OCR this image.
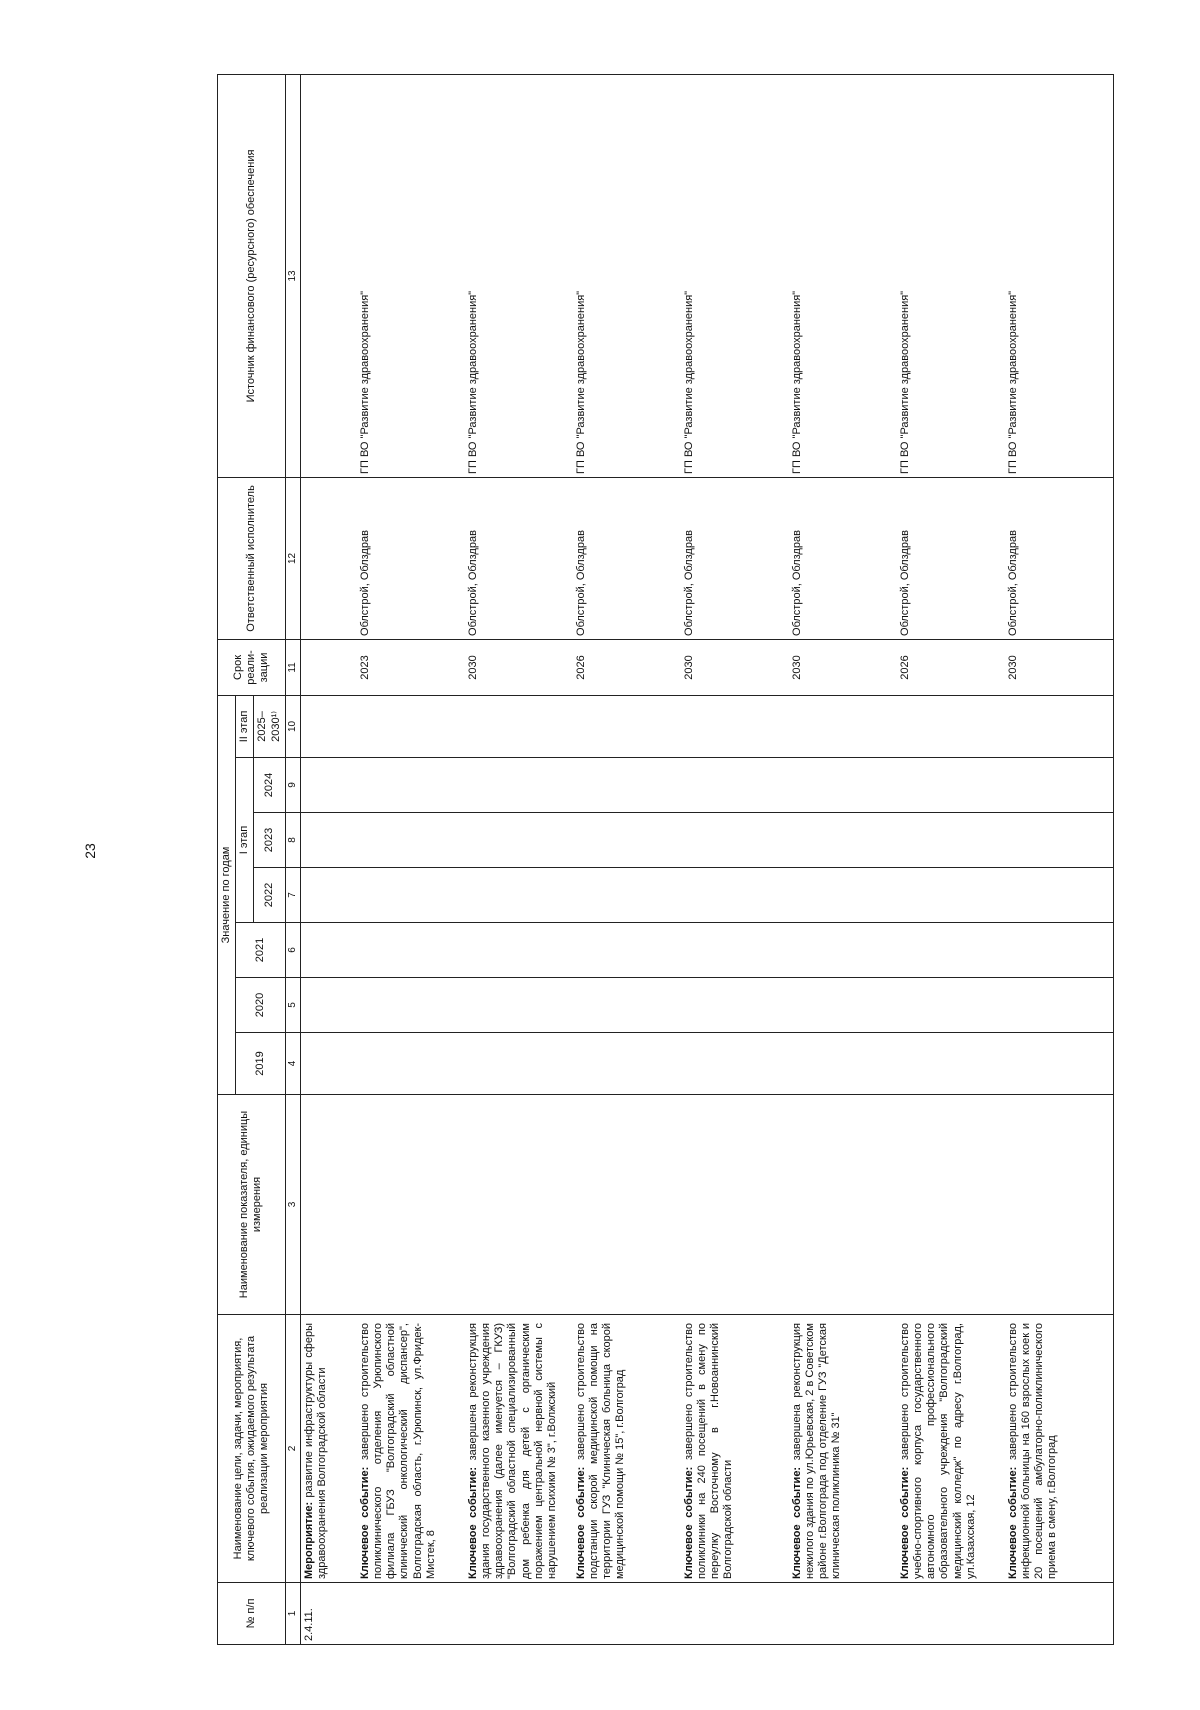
23
№ п/п	Наименование цели, задачи, мероприятия, ключевого события, ожидаемого результата реализации мероприятия	Наименование показателя, единицы измерения	Значение по годам							Срок реали-зации	Ответственный исполнитель	Источник финансового (ресурсного) обеспечения
			2019	2020	2021	I этап			II этап			
						2022	2023	2024	2025–2030¹⁾			
1	2	3	4	5	6	7	8	9	10	11	12	13
2.4.11.	Мероприятие: развитие инфраструктуры сферы здравоохранения Волгоградской области											
	Ключевое событие: завершено строительство поликлинического отделения Урюпинского филиала ГБУЗ "Волгоградский областной клинический онкологический диспансер", Волгоградская область, г.Урюпинск, ул.Фридек-Мистек, 8									2023	Облстрой, Облздрав	ГП ВО "Развитие здравоохранения"
	Ключевое событие: завершена реконструкция здания государственного казенного учреждения здравоохранения (далее именуется – ГКУЗ) "Волгоградский областной специализированный дом ребенка для детей с органическим поражением центральной нервной системы с нарушением психики № 3", г.Волжский									2030	Облстрой, Облздрав	ГП ВО "Развитие здравоохранения"
	Ключевое событие: завершено строительство подстанции скорой медицинской помощи на территории ГУЗ "Клиническая больница скорой медицинской помощи № 15", г.Волгоград									2026	Облстрой, Облздрав	ГП ВО "Развитие здравоохранения"
	Ключевое событие: завершено строительство поликлиники на 240 посещений в смену по переулку Восточному в г.Новоаннинский Волгоградской области									2030	Облстрой, Облздрав	ГП ВО "Развитие здравоохранения"
	Ключевое событие: завершена реконструкция нежилого здания по ул.Юрьевская, 2 в Советском районе г.Волгограда под отделение ГУЗ "Детская клиническая поликлиника № 31"									2030	Облстрой, Облздрав	ГП ВО "Развитие здравоохранения"
	Ключевое событие: завершено строительство учебно-спортивного корпуса государственного автономного профессионального образовательного учреждения "Волгоградский медицинский колледж" по адресу г.Волгоград, ул.Казахская, 12									2026	Облстрой, Облздрав	ГП ВО "Развитие здравоохранения"
	Ключевое событие: завершено строительство инфекционной больницы на 160 взрослых коек и 20 посещений амбулаторно-поликлинического приема в смену, г.Волгоград									2030	Облстрой, Облздрав	ГП ВО "Развитие здравоохранения"
